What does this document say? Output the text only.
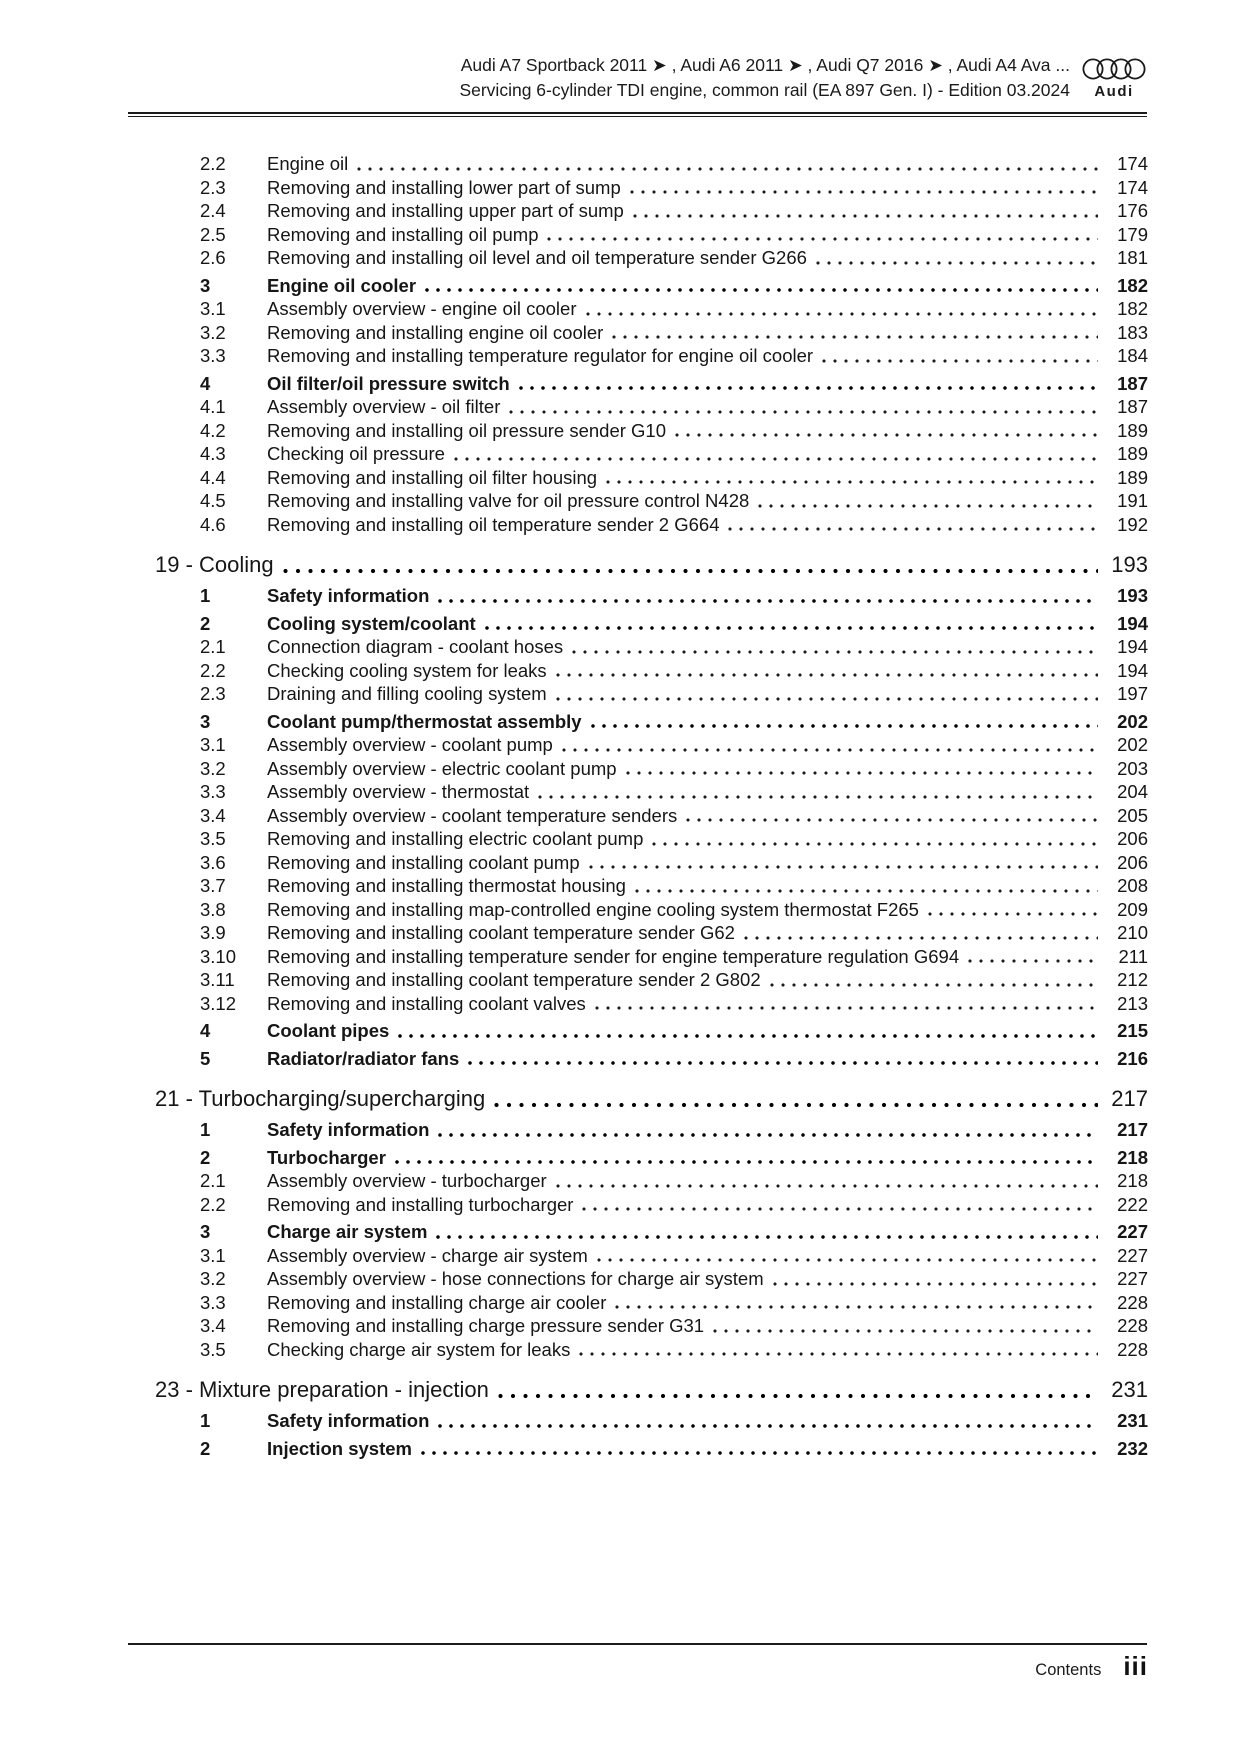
Audi A7 Sportback 2011 ➤ , Audi A6 2011 ➤ , Audi Q7 2016 ➤ , Audi A4 Ava ...
Servicing 6-cylinder TDI engine, common rail (EA 897 Gen. I) - Edition 03.2024	Audi
2.2	Engine oil	174
2.3	Removing and installing lower part of sump	174
2.4	Removing and installing upper part of sump	176
2.5	Removing and installing oil pump	179
2.6	Removing and installing oil level and oil temperature sender G266	181
3	Engine oil cooler	182
3.1	Assembly overview - engine oil cooler	182
3.2	Removing and installing engine oil cooler	183
3.3	Removing and installing temperature regulator for engine oil cooler	184
4	Oil filter/oil pressure switch	187
4.1	Assembly overview - oil filter	187
4.2	Removing and installing oil pressure sender G10	189
4.3	Checking oil pressure	189
4.4	Removing and installing oil filter housing	189
4.5	Removing and installing valve for oil pressure control N428	191
4.6	Removing and installing oil temperature sender 2 G664	192
19 - Cooling	193
1	Safety information	193
2	Cooling system/coolant	194
2.1	Connection diagram - coolant hoses	194
2.2	Checking cooling system for leaks	194
2.3	Draining and filling cooling system	197
3	Coolant pump/thermostat assembly	202
3.1	Assembly overview - coolant pump	202
3.2	Assembly overview - electric coolant pump	203
3.3	Assembly overview - thermostat	204
3.4	Assembly overview - coolant temperature senders	205
3.5	Removing and installing electric coolant pump	206
3.6	Removing and installing coolant pump	206
3.7	Removing and installing thermostat housing	208
3.8	Removing and installing map-controlled engine cooling system thermostat F265	209
3.9	Removing and installing coolant temperature sender G62	210
3.10	Removing and installing temperature sender for engine temperature regulation G694	211
3.11	Removing and installing coolant temperature sender 2 G802	212
3.12	Removing and installing coolant valves	213
4	Coolant pipes	215
5	Radiator/radiator fans	216
21 - Turbocharging/supercharging	217
1	Safety information	217
2	Turbocharger	218
2.1	Assembly overview - turbocharger	218
2.2	Removing and installing turbocharger	222
3	Charge air system	227
3.1	Assembly overview - charge air system	227
3.2	Assembly overview - hose connections for charge air system	227
3.3	Removing and installing charge air cooler	228
3.4	Removing and installing charge pressure sender G31	228
3.5	Checking charge air system for leaks	228
23 - Mixture preparation - injection	231
1	Safety information	231
2	Injection system	232
Contents iii
